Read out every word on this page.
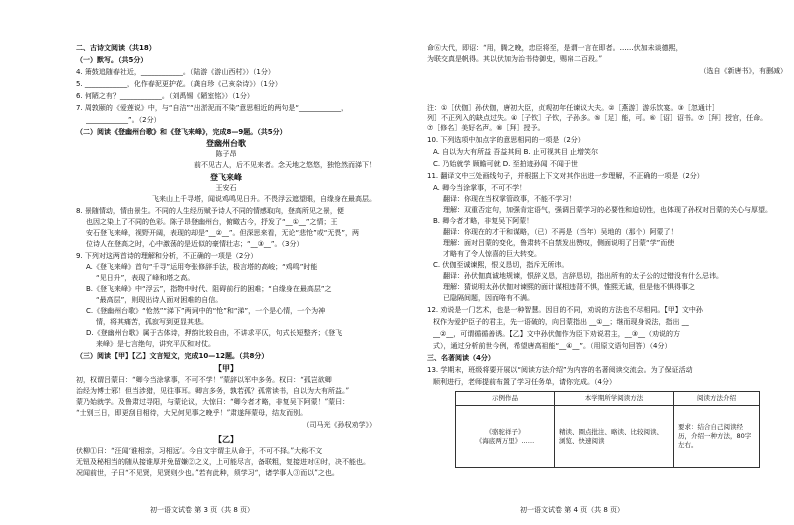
二、古诗文阅读（共18）
（一）默写。（共5分）
4. 箫鼓追随春社近，____________。（陆游《游山西村》）（1分）
5. ____________，化作春泥更护花。（龚自珍《己亥杂诗》）（1分）
6. 何陋之有？____________。（刘禹锡《陋室铭》）（1分）
7. 周敦颐的《爱莲说》中，与“自洁”“出淤泥而不染”意思相近的两句是“____________，
____________”。（2分）
（二）阅读《登幽州台歌》和《登飞来峰》，完成8—9题。（共5分）
登幽州台歌
陈子昂
前不见古人，后不见来者。念天地之悠悠，独怆然而涕下！
登飞来峰
王安石
飞来山上千寻塔，闻说鸡鸣见日升。不畏浮云遮望眼，自缘身在最高层。
8. 景随情动，情由景生。不同的人生经历赋予诗人不同的情感取向，登高所见之景，便
也因之染上了不同的色彩。陈子昂登幽州台，俯瞰古今，抒发了“__①__”之情；王
安石登飞来峰，视野开阔，表现的却是“__②__”。但深思来看，无论“悲怆”或“无畏”，两
位诗人在登高之时，心中激荡的是近似的豪情壮志；“__③__”。（3分）
9. 下列对这两首诗的理解和分析，不正确的一项是（2分）
A.《登飞来峰》首句“千寻”运用夸张修辞手法，极言塔的高峻；“鸡鸣”时能
“见日升”，表现了峰和塔之高。
B.《登飞来峰》中“浮云”，指物中时代、阻碍前行的困难；“自缘身在最高层”之
“最高层”，则现出诗人面对困难的自信。
C.《登幽州台歌》“怆然”“涕下”两词中的“怆”和“涕”，一个是心情，一个为神
情，将其痛苦，孤寂写到更显其悲。
D.《登幽州台歌》属于古体诗，押韵比较自由，不讲求平仄，句式长短整齐；《登飞
来峰》是七言绝句，讲究平仄和对仗。
（三）阅读【甲】【乙】文言短文，完成10—12题。（共8分）
【甲】
初，权谓吕蒙曰：“卿今当涂掌事，不可不学！”蒙辞以军中多务。权曰：“孤岂欲卿
治经为博士邪！但当涉猎，见往事耳。卿言多务，孰若孤？孤常读书，自以为大有所益。”
蒙乃始就学。及鲁肃过寻阳，与蒙论议，大惊曰：“卿今者才略，非复吴下阿蒙！”蒙曰：
“士别三日，即更刮目相待，大兄何见事之晚乎！”肃遂拜蒙母，结友而别。
（司马光《孙权劝学》）
【乙】
伏柳①曰：“汪闻‘谁相亲，习相远’。今自文宇谓主从命于，不可不择。”大称不文
无钮及秘相当的随从接谁厚并免留嫌②之义，上可能尽言，备联粗，复接进对④时，决不能也。
况闻前世，子曰“不见贤，见贤则少也。”若有此种，须学习“，诸学事人③而以”之也。
命⑥大代，即诏：“用，腾之晚，忠臣将至，是谓一言在即者。……伏加未谈德熙，
为联交真是帆得。其以伏加为治书侍御史，赐帛二百段。”
（选自《新唐书》，有删减）
注：①［伏伽］孙伏伽，唐初大臣，贞观初年任谏议大夫。②［燕游］游乐饮宴。③［忽通计］
列］不正列入的缺点过失。④［子钦］子钦，子孙多。⑤［足］能，可。⑥［诏］诏书。⑦［拜］授官，任命。
⑦［修名］美好名声。⑧［拜］授予。
10. 下列选项中加点字的意思相同的一项是（2分）
A. 自以为大有所益 吾益其间 B. 止可视其目 止增笑尔
C. 乃始就学 顾瞻可就 D. 至拍迹孙闻 不闻于世
11. 翻译文中三处画线句子，并根据上下文对其作出进一步理解，不正确的一项是（2分）
A. 卿今当涂掌事，不可不学！
翻译：你现在当权掌管政事，不能不学习！
理解：双重否定句，加强肯定语气，强调吕蒙学习的必要性和迫切性，也体现了孙权对吕蒙的关心与厚望。
B. 卿今者才略，非复吴下阿蒙！
翻译：你现在的才干和谋略，（已）不再是（当年）吴地的（那个）阿蒙了！
理解：面对吕蒙的变化，鲁肃转不自禁发出赞叹，侧面说明了吕蒙“学”而使
才略有了令人惊喜的巨大转变。
C. 伏伽至诚谏熙，恨义恳切，指斥无所讳。
翻译：孙伏伽真诚地规谏，恨辞义恳，言辞恳切，指出所有的太子公的过错没有什么忌讳。
理解：猜说明太孙伏伽对谏熙的面计谋相违背不惧，惟熙无诚，但是他不惧得事之
已隐隔间题，因而咯有不满。
12. 劝说是一门艺术，也是一种智慧。因目的不同，劝说的方法也不尽相同。【甲】文中孙
权作为爱护臣子的君主，先一语破的，向吕蒙指出 __①__；继而现身说法，指出 __
__②__，可谓循循善诱。【乙】文中孙伏伽作为臣下劝说君主，__③__（劝说的方
式），通过分析前世今例，希望唐高祖能“__④__”。（用原文语句回答）（4分）
三、名著阅读（4分）
13. 学期末，班级将要开展以“阅读方法介绍”为内容的名著阅读交流会。为了保证活动
顺利进行，老师提前布置了学习任务单，请你完成。（4分）
示例作品	本学期所学阅读方法	阅读方法介绍
《骆驼祥子》
《海底两万里》……	精读、圈点批注、略读、比较阅读、浏览、快速阅读	要求：结合自己阅读经历，介绍一种方法，80字左右。
初一语文试卷 第 3 页（共 8 页）	初一语文试卷 第 4 页（共 8 页）
